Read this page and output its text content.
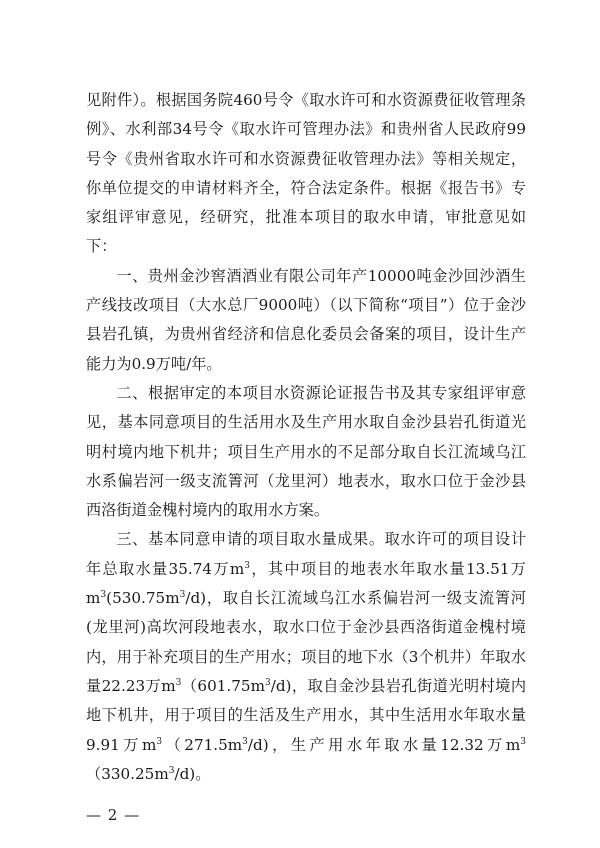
见附件）。根据国务院460号令《取水许可和水资源费征收管理条例》、水利部34号令《取水许可管理办法》和贵州省人民政府99号令《贵州省取水许可和水资源费征收管理办法》等相关规定，你单位提交的申请材料齐全，符合法定条件。根据《报告书》专家组评审意见，经研究，批准本项目的取水申请，审批意见如下：

一、贵州金沙窖酒酒业有限公司年产10000吨金沙回沙酒生产线技改项目（大水总厂9000吨）（以下简称“项目”）位于金沙县岩孔镇，为贵州省经济和信息化委员会备案的项目，设计生产能力为0.9万吨/年。

二、根据审定的本项目水资源论证报告书及其专家组评审意见，基本同意项目的生活用水及生产用水取自金沙县岩孔街道光明村境内地下机井；项目生产用水的不足部分取自长江流域乌江水系偏岩河一级支流箐河（龙里河）地表水，取水口位于金沙县西洛街道金槐村境内的取用水方案。

三、基本同意申请的项目取水量成果。取水许可的项目设计年总取水量35.74万$m^3$，其中项目的地表水年取水量13.51万$m^3(530.75m^3/d)$，取自长江流域乌江水系偏岩河一级支流箐河(龙里河)高坎河段地表水，取水口位于金沙县西洛街道金槐村境内，用于补充项目的生产用水；项目的地下水（3个机井）年取水量22.23万$m^3(601.75m^3/d)$，取自金沙县岩孔街道光明村境内地下机井，用于项目的生活及生产用水，其中生活用水年取水量9.91万$m^3(271.5m^3/d)$，生产用水年取水量12.32万$m^3(330.25m^3/d)$。

— 2 —
